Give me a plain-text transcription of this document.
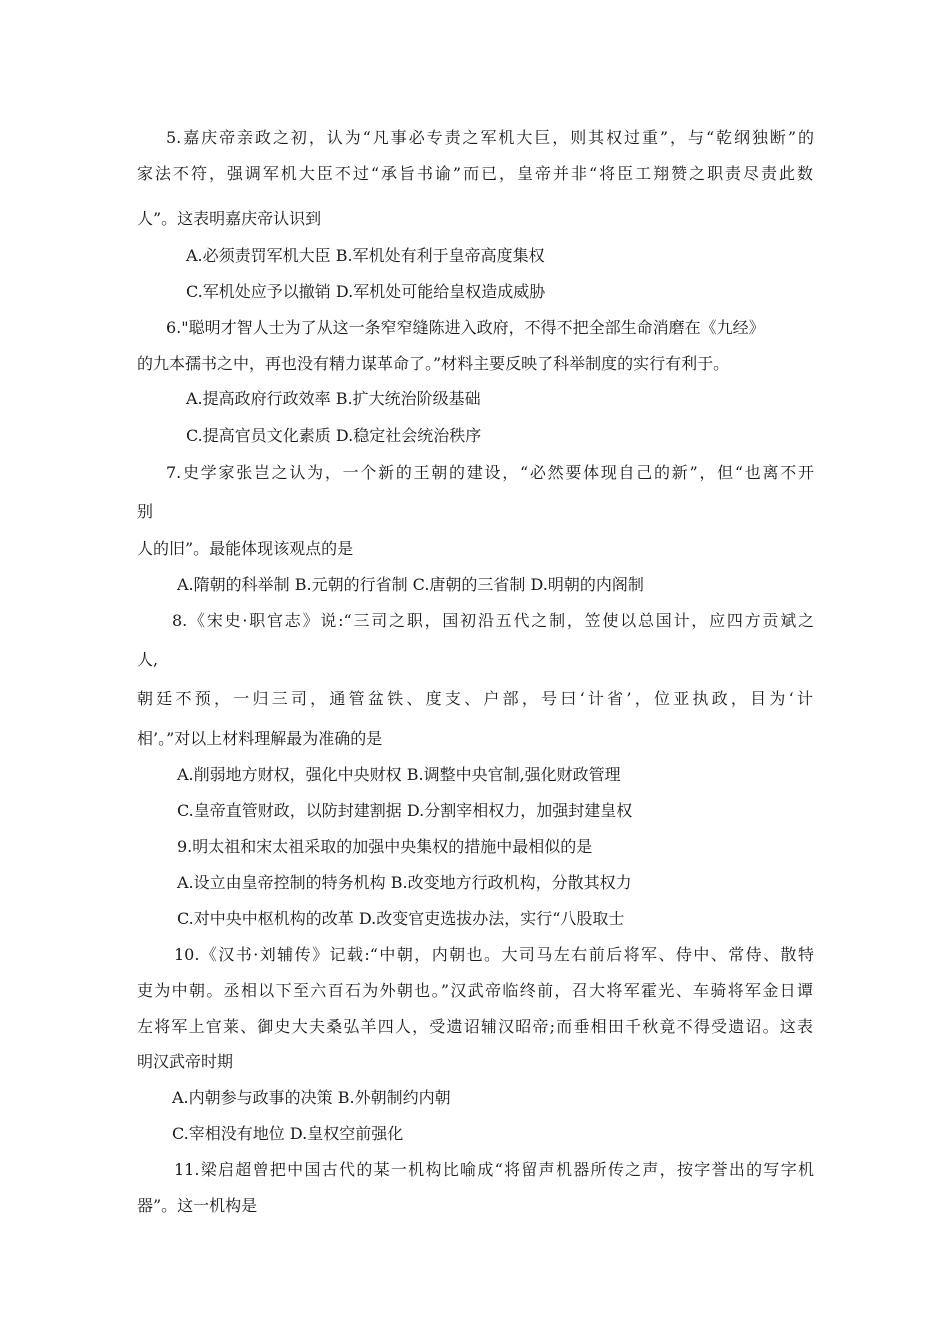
5.嘉庆帝亲政之初，认为“凡事必专责之军机大巨，则其权过重”，与“乾纲独断”的
家法不符，强调军机大臣不过“承旨书谕”而已，皇帝并非“将臣工翔赞之职责尽责此数
人”。这表明嘉庆帝认识到
A.必须责罚军机大臣 B.军机处有利于皇帝高度集权
C.军机处应予以撤销 D.军机处可能给皇权造成威胁
6."聪明才智人士为了从这一条窄窄缝陈进入政府，不得不把全部生命消磨在《九经》
的九本孺书之中，再也没有精力谋革命了。”材料主要反映了科举制度的实行有利于。
A.提高政府行政效率 B.扩大统治阶级基础
C.提高官员文化素质 D.稳定社会统治秩序
7.史学家张岂之认为，一个新的王朝的建设，“必然要体现自己的新”，但“也离不开
别
人的旧”。最能体现该观点的是
A.隋朝的科举制 B.元朝的行省制 C.唐朝的三省制 D.明朝的内阁制
8.《宋史·职官志》说:“三司之职，国初沿五代之制，笠使以总国计，应四方贡斌之
人,
朝廷不预，一归三司，通管盆铁、度支、户部，号曰‘计省’，位亚执政，目为‘计
相’。”对以上材料理解最为准确的是
A.削弱地方财权，强化中央财权 B.调整中央官制,强化财政管理
C.皇帝直管财政，以防封建割据 D.分割宰相权力，加强封建皇权
9.明太祖和宋太祖采取的加强中央集权的措施中最相似的是
A.设立由皇帝控制的特务机构 B.改变地方行政机构，分散其权力
C.对中央中枢机构的改革 D.改变官吏选拔办法，实行“八股取士
10.《汉书·刘辅传》记载:“中朝，内朝也。大司马左右前后将军、侍中、常侍、散特
吏为中朝。丞相以下至六百石为外朝也。”汉武帝临终前，召大将军霍光、车骑将军金日谭
左将军上官莱、御史大夫桑弘羊四人，受遗诏辅汉昭帝;而垂相田千秋竟不得受遗诏。这表
明汉武帝时期
A.内朝参与政事的决策 B.外朝制约内朝
C.宰相没有地位 D.皇权空前强化
11.梁启超曾把中国古代的某一机构比喻成“将留声机器所传之声，按字誉出的写字机
器”。这一机构是
